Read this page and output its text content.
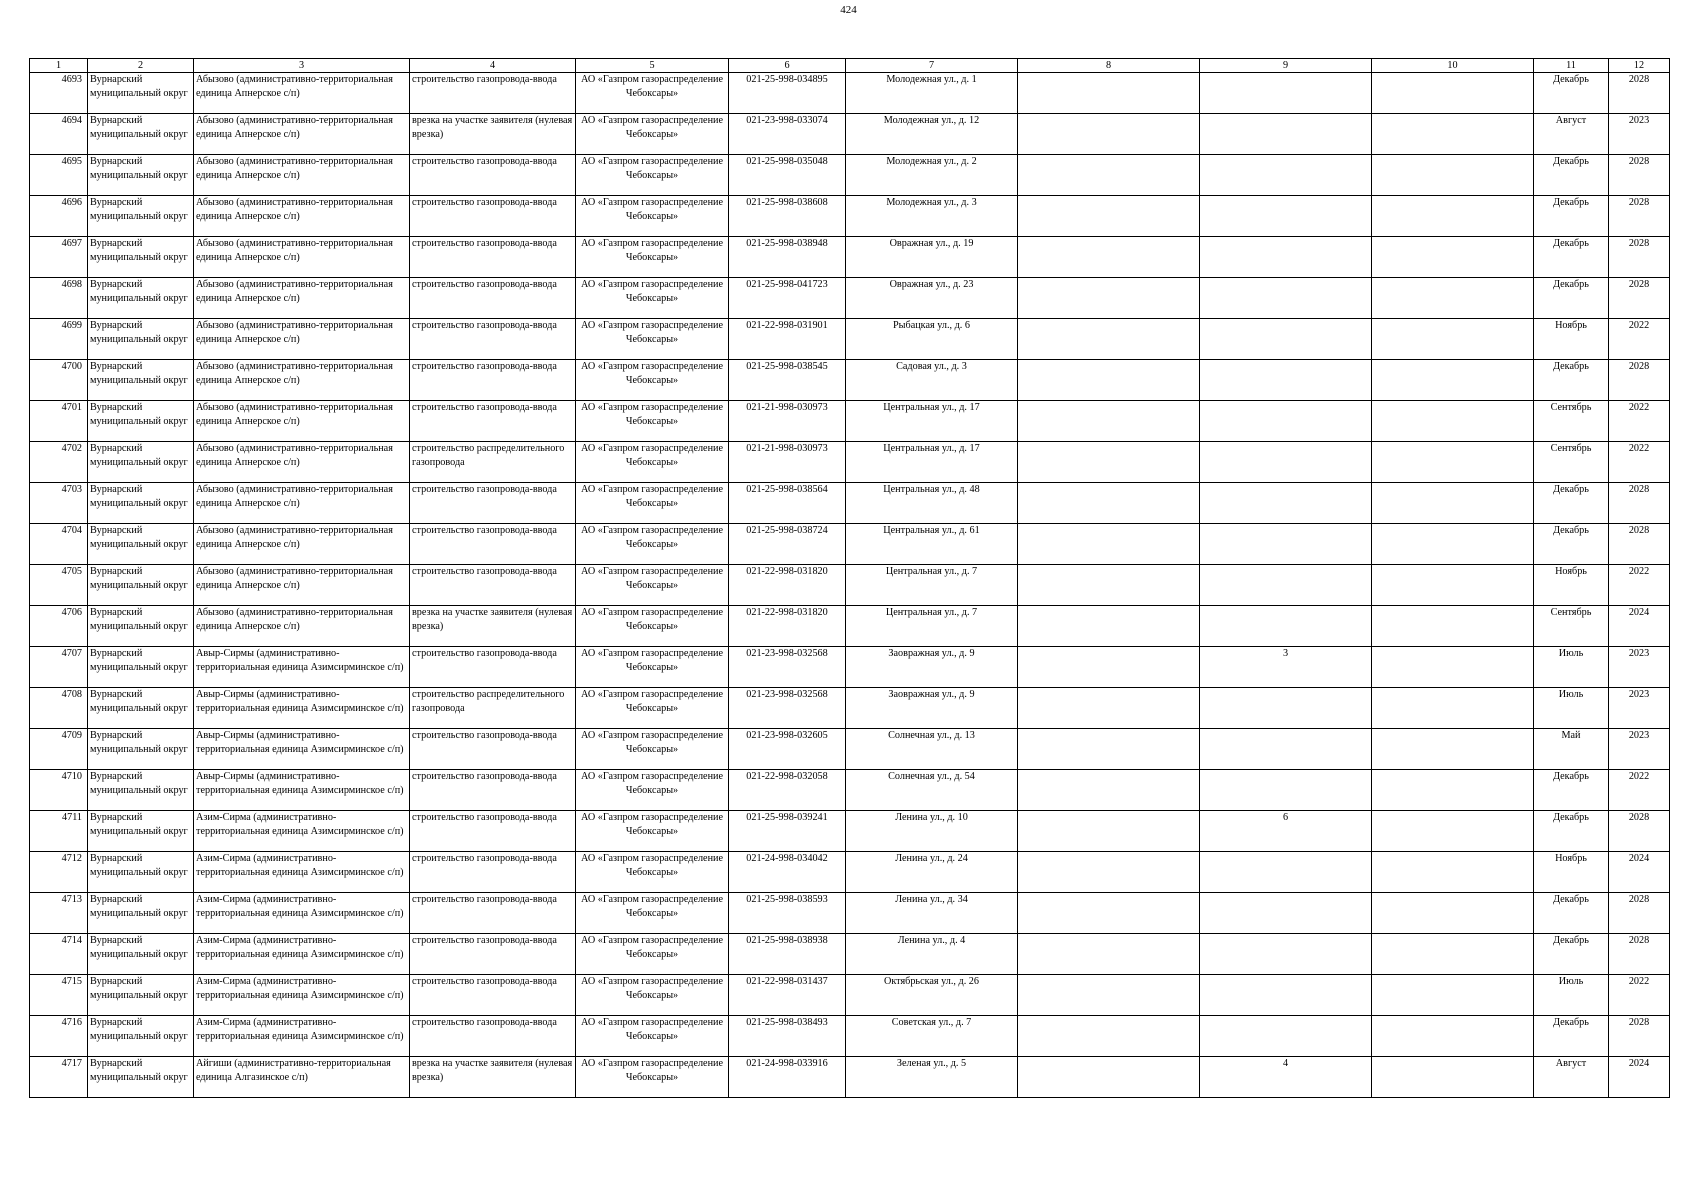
424
1	2	3	4	5	6	7	8	9	10	11	12

4693	Вурнарский муниципальный округ	Абызово (административно-территориальная единица Апнерское с/п)	строительство газопровода-ввода	АО «Газпром газораспределение Чебоксары»	021-25-998-034895	Молодежная ул., д. 1				Декабрь	2028

4694	Вурнарский муниципальный округ	Абызово (административно-территориальная единица Апнерское с/п)	врезка на участке заявителя (нулевая врезка)	АО «Газпром газораспределение Чебоксары»	021-23-998-033074	Молодежная ул., д. 12				Август	2023

4695	Вурнарский муниципальный округ	Абызово (административно-территориальная единица Апнерское с/п)	строительство газопровода-ввода	АО «Газпром газораспределение Чебоксары»	021-25-998-035048	Молодежная ул., д. 2				Декабрь	2028

4696	Вурнарский муниципальный округ	Абызово (административно-территориальная единица Апнерское с/п)	строительство газопровода-ввода	АО «Газпром газораспределение Чебоксары»	021-25-998-038608	Молодежная ул., д. 3				Декабрь	2028

4697	Вурнарский муниципальный округ	Абызово (административно-территориальная единица Апнерское с/п)	строительство газопровода-ввода	АО «Газпром газораспределение Чебоксары»	021-25-998-038948	Овражная ул., д. 19				Декабрь	2028

4698	Вурнарский муниципальный округ	Абызово (административно-территориальная единица Апнерское с/п)	строительство газопровода-ввода	АО «Газпром газораспределение Чебоксары»	021-25-998-041723	Овражная ул., д. 23				Декабрь	2028

4699	Вурнарский муниципальный округ	Абызово (административно-территориальная единица Апнерское с/п)	строительство газопровода-ввода	АО «Газпром газораспределение Чебоксары»	021-22-998-031901	Рыбацкая ул., д. 6				Ноябрь	2022

4700	Вурнарский муниципальный округ	Абызово (административно-территориальная единица Апнерское с/п)	строительство газопровода-ввода	АО «Газпром газораспределение Чебоксары»	021-25-998-038545	Садовая ул., д. 3				Декабрь	2028

4701	Вурнарский муниципальный округ	Абызово (административно-территориальная единица Апнерское с/п)	строительство газопровода-ввода	АО «Газпром газораспределение Чебоксары»	021-21-998-030973	Центральная ул., д. 17				Сентябрь	2022

4702	Вурнарский муниципальный округ	Абызово (административно-территориальная единица Апнерское с/п)	строительство распределительного газопровода	АО «Газпром газораспределение Чебоксары»	021-21-998-030973	Центральная ул., д. 17				Сентябрь	2022

4703	Вурнарский муниципальный округ	Абызово (административно-территориальная единица Апнерское с/п)	строительство газопровода-ввода	АО «Газпром газораспределение Чебоксары»	021-25-998-038564	Центральная ул., д. 48				Декабрь	2028

4704	Вурнарский муниципальный округ	Абызово (административно-территориальная единица Апнерское с/п)	строительство газопровода-ввода	АО «Газпром газораспределение Чебоксары»	021-25-998-038724	Центральная ул., д. 61				Декабрь	2028

4705	Вурнарский муниципальный округ	Абызово (административно-территориальная единица Апнерское с/п)	строительство газопровода-ввода	АО «Газпром газораспределение Чебоксары»	021-22-998-031820	Центральная ул., д. 7				Ноябрь	2022

4706	Вурнарский муниципальный округ	Абызово (административно-территориальная единица Апнерское с/п)	врезка на участке заявителя (нулевая врезка)	АО «Газпром газораспределение Чебоксары»	021-22-998-031820	Центральная ул., д. 7				Сентябрь	2024

4707	Вурнарский муниципальный округ	Авыр-Сирмы (административно-территориальная единица Азимсирминское с/п)	строительство газопровода-ввода	АО «Газпром газораспределение Чебоксары»	021-23-998-032568	Заовражная ул., д. 9		3		Июль	2023

4708	Вурнарский муниципальный округ	Авыр-Сирмы (административно-территориальная единица Азимсирминское с/п)	строительство распределительного газопровода	АО «Газпром газораспределение Чебоксары»	021-23-998-032568	Заовражная ул., д. 9				Июль	2023

4709	Вурнарский муниципальный округ	Авыр-Сирмы (административно-территориальная единица Азимсирминское с/п)	строительство газопровода-ввода	АО «Газпром газораспределение Чебоксары»	021-23-998-032605	Солнечная ул., д. 13				Май	2023

4710	Вурнарский муниципальный округ	Авыр-Сирмы (административно-территориальная единица Азимсирминское с/п)	строительство газопровода-ввода	АО «Газпром газораспределение Чебоксары»	021-22-998-032058	Солнечная ул., д. 54				Декабрь	2022

4711	Вурнарский муниципальный округ	Азим-Сирма (административно-территориальная единица Азимсирминское с/п)	строительство газопровода-ввода	АО «Газпром газораспределение Чебоксары»	021-25-998-039241	Ленина ул., д. 10		6		Декабрь	2028

4712	Вурнарский муниципальный округ	Азим-Сирма (административно-территориальная единица Азимсирминское с/п)	строительство газопровода-ввода	АО «Газпром газораспределение Чебоксары»	021-24-998-034042	Ленина ул., д. 24				Ноябрь	2024

4713	Вурнарский муниципальный округ	Азим-Сирма (административно-территориальная единица Азимсирминское с/п)	строительство газопровода-ввода	АО «Газпром газораспределение Чебоксары»	021-25-998-038593	Ленина ул., д. 34				Декабрь	2028

4714	Вурнарский муниципальный округ	Азим-Сирма (административно-территориальная единица Азимсирминское с/п)	строительство газопровода-ввода	АО «Газпром газораспределение Чебоксары»	021-25-998-038938	Ленина ул., д. 4				Декабрь	2028

4715	Вурнарский муниципальный округ	Азим-Сирма (административно-территориальная единица Азимсирминское с/п)	строительство газопровода-ввода	АО «Газпром газораспределение Чебоксары»	021-22-998-031437	Октябрьская ул., д. 26				Июль	2022

4716	Вурнарский муниципальный округ	Азим-Сирма (административно-территориальная единица Азимсирминское с/п)	строительство газопровода-ввода	АО «Газпром газораспределение Чебоксары»	021-25-998-038493	Советская ул., д. 7				Декабрь	2028

4717	Вурнарский муниципальный округ	Айгиши (административно-территориальная единица Алгазинское с/п)	врезка на участке заявителя (нулевая врезка)	АО «Газпром газораспределение Чебоксары»	021-24-998-033916	Зеленая ул., д. 5		4		Август	2024
